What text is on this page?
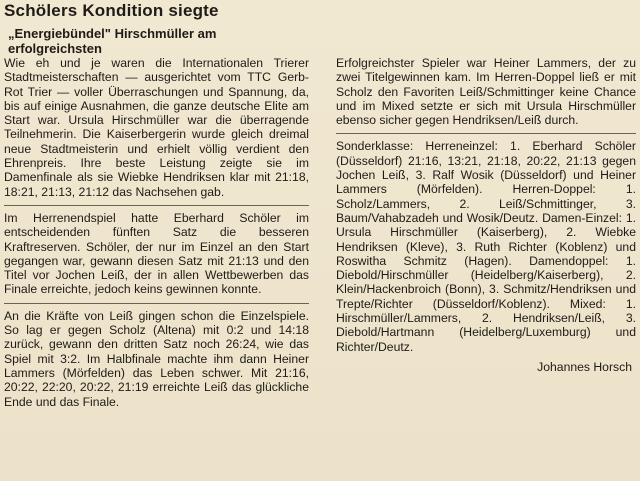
Schölers Kondition siegte
„Energiebündel" Hirschmüller am
erfolgreichsten

Wie eh und je waren die Internationalen Trierer Stadtmeisterschaften — ausgerichtet vom TTC Gerb-Rot Trier — voller Überraschungen und Spannung, da, bis auf einige Ausnahmen, die ganze deutsche Elite am Start war. Ursula Hirschmüller war die überragende Teilnehmerin. Die Kaiserbergerin wurde gleich dreimal neue Stadtmeisterin und erhielt völlig verdient den Ehrenpreis. Ihre beste Leistung zeigte sie im Damenfinale als sie Wiebke Hendriksen klar mit 21:18, 18:21, 21:13, 21:12 das Nachsehen gab.

Im Herrenendspiel hatte Eberhard Schöler im entscheidenden fünften Satz die besseren Kraftreserven. Schöler, der nur im Einzel an den Start gegangen war, gewann diesen Satz mit 21:13 und den Titel vor Jochen Leiß, der in allen Wettbewerben das Finale erreichte, jedoch keins gewinnen konnte.

An die Kräfte von Leiß gingen schon die Einzelspiele. So lag er gegen Scholz (Altena) mit 0:2 und 14:18 zurück, gewann den dritten Satz noch 26:24, wie das Spiel mit 3:2. Im Halbfinale machte ihm dann Heiner Lammers (Mörfelden) das Leben schwer. Mit 21:16, 20:22, 22:20, 20:22, 21:19 erreichte Leiß das glückliche Ende und das Finale.

Erfolgreichster Spieler war Heiner Lammers, der zu zwei Titelgewinnen kam. Im Herren-Doppel ließ er mit Scholz den Favoriten Leiß/Schmittinger keine Chance und im Mixed setzte er sich mit Ursula Hirschmüller ebenso sicher gegen Hendriksen/Leiß durch.

Sonderklasse: Herreneinzel: 1. Eberhard Schöler (Düsseldorf) 21:16, 13:21, 21:18, 20:22, 21:13 gegen Jochen Leiß, 3. Ralf Wosik (Düsseldorf) und Heiner Lammers (Mörfelden). Herren-Doppel: 1. Scholz/Lammers, 2. Leiß/Schmittinger, 3. Baum/Vahabzadeh und Wosik/Deutz. Damen-Einzel: 1. Ursula Hirschmüller (Kaiserberg), 2. Wiebke Hendriksen (Kleve), 3. Ruth Richter (Koblenz) und Roswitha Schmitz (Hagen). Damendoppel: 1. Diebold/Hirschmüller (Heidelberg/Kaiserberg), 2. Klein/Hackenbroich (Bonn), 3. Schmitz/Hendriksen und Trepte/Richter (Düsseldorf/Koblenz). Mixed: 1. Hirschmüller/Lammers, 2. Hendriksen/Leiß, 3. Diebold/Hartmann (Heidelberg/Luxemburg) und Richter/Deutz.

Johannes Horsch
